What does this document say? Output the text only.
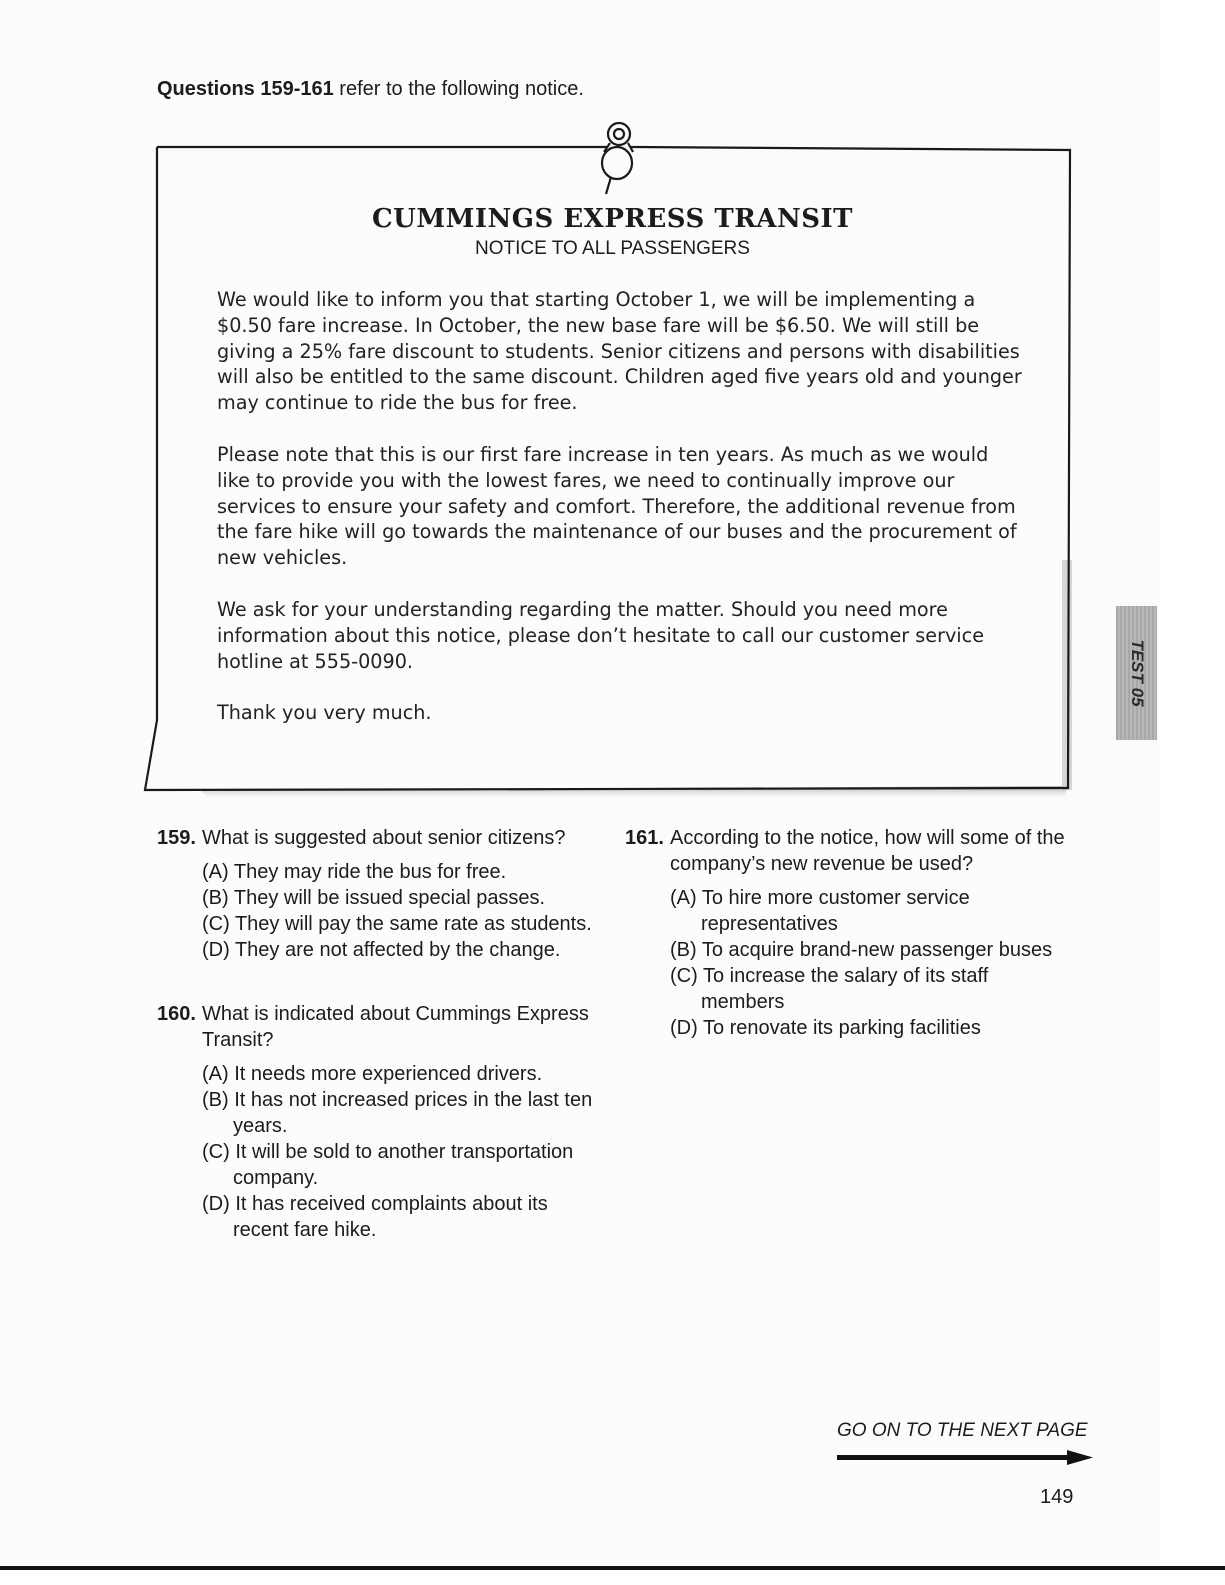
Questions 159-161 refer to the following notice.
CUMMINGS EXPRESS TRANSIT
NOTICE TO ALL PASSENGERS

We would like to inform you that starting October 1, we will be implementing a $0.50 fare increase. In October, the new base fare will be $6.50. We will still be giving a 25% fare discount to students. Senior citizens and persons with disabilities will also be entitled to the same discount. Children aged five years old and younger may continue to ride the bus for free.

Please note that this is our first fare increase in ten years. As much as we would like to provide you with the lowest fares, we need to continually improve our services to ensure your safety and comfort. Therefore, the additional revenue from the fare hike will go towards the maintenance of our buses and the procurement of new vehicles.

We ask for your understanding regarding the matter. Should you need more information about this notice, please don’t hesitate to call our customer service hotline at 555-0090.

Thank you very much.

TEST 05
159. What is suggested about senior citizens?
(A) They may ride the bus for free.
(B) They will be issued special passes.
(C) They will pay the same rate as students.
(D) They are not affected by the change.
160. What is indicated about Cummings Express Transit?
(A) It needs more experienced drivers.
(B) It has not increased prices in the last ten years.
(C) It will be sold to another transportation company.
(D) It has received complaints about its recent fare hike.
161. According to the notice, how will some of the company’s new revenue be used?
(A) To hire more customer service representatives
(B) To acquire brand-new passenger buses
(C) To increase the salary of its staff members
(D) To renovate its parking facilities
GO ON TO THE NEXT PAGE
149
